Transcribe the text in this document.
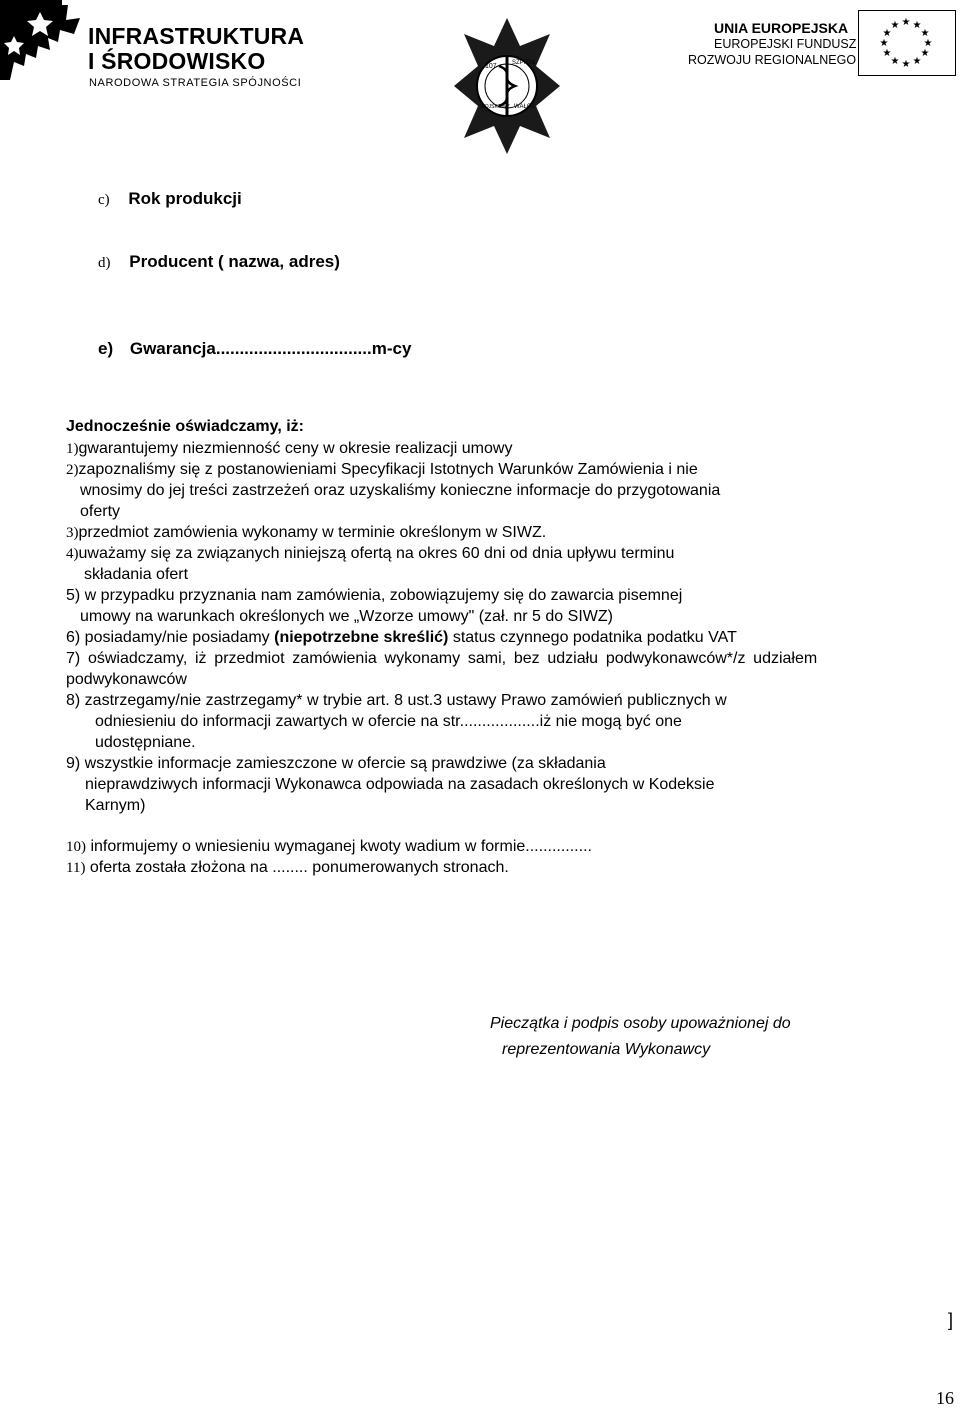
INFRASTRUKTURA
I ŚRODOWISKO
NARODOWA STRATEGIA SPÓJNOŚCI
107	SZPITAL
WOJSKOWY WAŁCZ
UNIA EUROPEJSKA
EUROPEJSKI FUNDUSZ
ROZWOJU REGIONALNEGO
★ ★
★
★
★
★
★
★
★
★
★
★
c) Rok produkcji
d) Producent ( nazwa, adres)
e) Gwarancja.................................m-cy
Jednocześnie oświadczamy, iż:
1)gwarantujemy niezmienność ceny w okresie realizacji umowy
2)zapoznaliśmy się z postanowieniami Specyfikacji Istotnych Warunków Zamówienia i nie
wnosimy do jej treści zastrzeżeń oraz uzyskaliśmy konieczne informacje do przygotowania
oferty
3)przedmiot zamówienia wykonamy w terminie określonym w SIWZ.
4)uważamy się za związanych niniejszą ofertą na okres 60 dni od dnia upływu terminu
składania ofert
5) w przypadku przyznania nam zamówienia, zobowiązujemy się do zawarcia pisemnej
umowy na warunkach określonych we „Wzorze umowy" (zał. nr 5 do SIWZ)
6) posiadamy/nie posiadamy (niepotrzebne skreślić) status czynnego podatnika podatku VAT
7) oświadczamy, iż przedmiot zamówienia wykonamy sami, bez udziału podwykonawców*/z udziałem
podwykonawców
8) zastrzegamy/nie zastrzegamy* w trybie art. 8 ust.3 ustawy Prawo zamówień publicznych w
odniesieniu do informacji zawartych w ofercie na str..................iż nie mogą być one
udostępniane.
9) wszystkie informacje zamieszczone w ofercie są prawdziwe (za składania
nieprawdziwych informacji Wykonawca odpowiada na zasadach określonych w Kodeksie
Karnym)
10) informujemy o wniesieniu wymaganej kwoty wadium w formie...............
11) oferta została złożona na ........ ponumerowanych stronach.
Pieczątka i podpis osoby upoważnionej do
reprezentowania Wykonawcy
]
16
